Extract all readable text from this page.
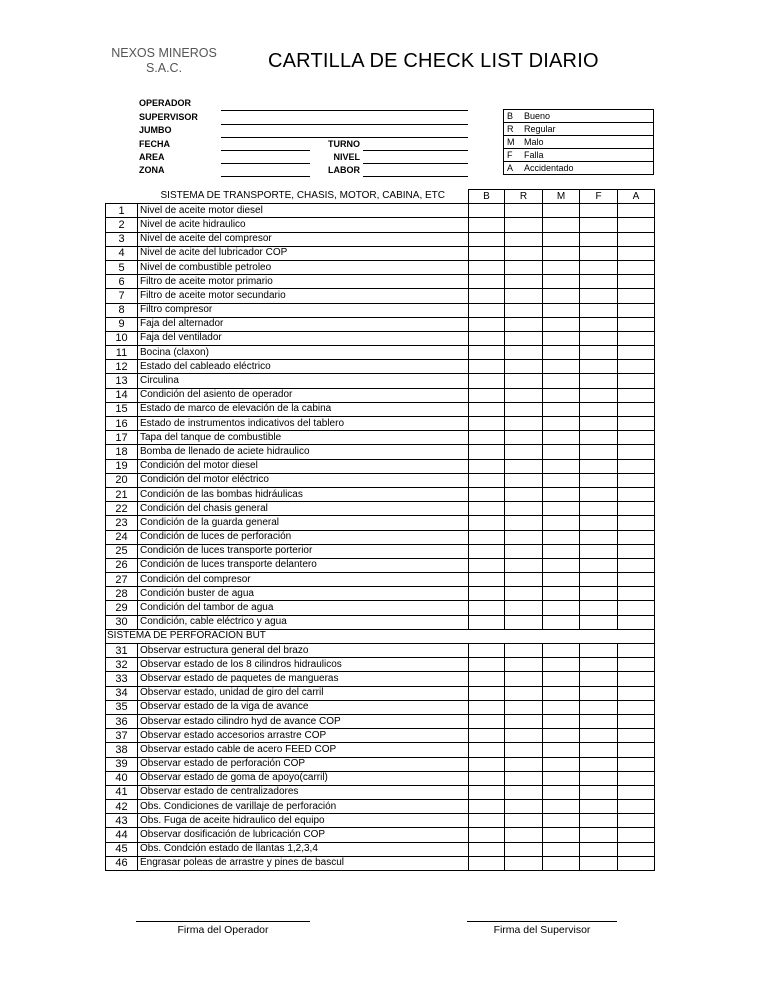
NEXOS MINEROS
S.A.C.	CARTILLA DE CHECK LIST DIARIO
OPERADOR
SUPERVISOR
JUMBO
FECHA	TURNO
AREA	NIVEL
ZONA	LABOR
B	Bueno
R	Regular
M	Malo
F	Falla
A	Accidentado
	SISTEMA DE TRANSPORTE, CHASIS, MOTOR, CABINA, ETC	B	R	M	F	A
1	Nivel de aceite motor diesel					
2	Nivel de acite hidraulico					
3	Nivel de aceite del compresor					
4	Nivel de acite del lubricador COP					
5	Nivel de combustible petroleo					
6	Filtro de aceite motor primario					
7	Filtro de aceite motor secundario					
8	Filtro compresor					
9	Faja del alternador					
10	Faja del ventilador					
11	Bocina (claxon)					
12	Estado del cableado eléctrico					
13	Circulina					
14	Condición del asiento de operador					
15	Estado de marco de elevación de la cabina					
16	Estado de instrumentos indicativos del tablero					
17	Tapa del tanque de combustible					
18	Bomba de llenado de aciete hidraulico					
19	Condición del motor diesel					
20	Condición del motor eléctrico					
21	Condición de las bombas hidráulicas					
22	Condición del chasis general					
23	Condición de la guarda general					
24	Condición de luces de perforación					
25	Condición de luces transporte porterior					
26	Condición de luces transporte delantero					
27	Condición del compresor					
28	Condición buster de agua					
29	Condición del tambor de agua					
30	Condición, cable eléctrico y agua					
SISTEMA DE PERFORACION BUT						
31	Observar estructura general del brazo					
32	Observar estado de los 8 cilindros hidraulicos					
33	Observar estado de paquetes de mangueras					
34	Observar estado, unidad de giro del carril					
35	Observar estado de la viga de avance					
36	Observar estado cilindro hyd de avance COP					
37	Observar estado accesorios arrastre COP					
38	Observar estado cable de acero FEED COP					
39	Observar estado de perforación COP					
40	Observar estado de goma de apoyo(carril)					
41	Observar estado de centralizadores					
42	Obs. Condiciones de varillaje de perforación					
43	Obs. Fuga de aceite hidraulico del equipo					
44	Observar dosificación de lubricación COP					
45	Obs. Condción estado de llantas 1,2,3,4					
46	Engrasar poleas de arrastre y pines de bascul					
Firma del Operador	Firma del Supervisor
